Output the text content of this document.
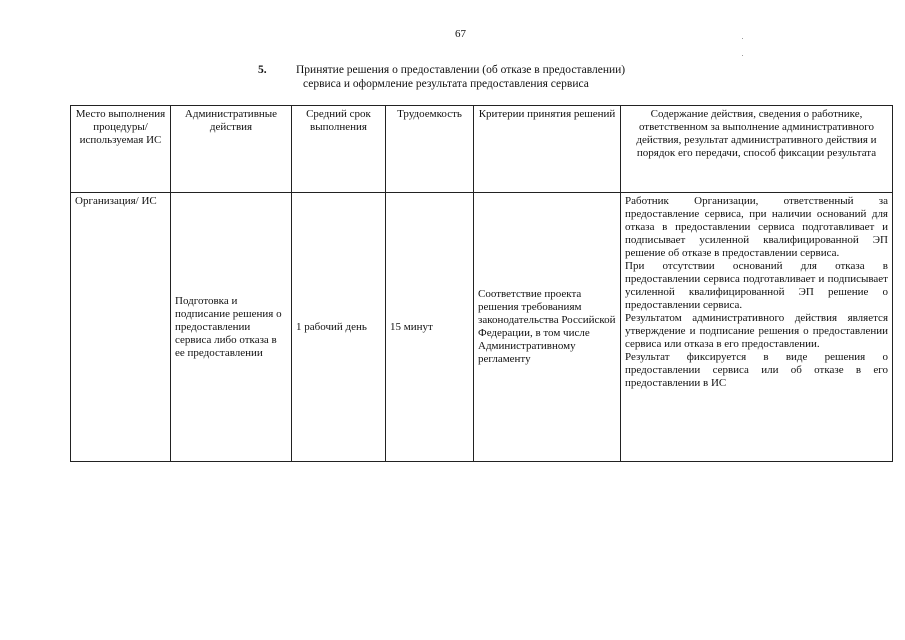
67
5.	Принятие решения о предоставлении (об отказе в предоставлении)
сервиса и оформление результата предоставления сервиса
Место выполнения процедуры/используемая ИС	Административные действия	Средний срок выполнения	Трудоемкость	Критерии принятия решений	Содержание действия, сведения о работнике, ответственном за выполнение административного действия, результат административного действия и порядок его передачи, способ фиксации результата
Организация/ ИС	Подготовка и подписание решения о предоставлении сервиса либо отказа в ее предоставлении	1 рабочий день	15 минут	Соответствие проекта решения требованиям законодательства Российской Федерации, в том числе Административному регламенту	Работник Организации, ответственный за предоставление сервиса, при наличии оснований для отказа в предоставлении сервиса подготавливает и подписывает усиленной квалифицированной ЭП решение об отказе в предоставлении сервиса.

При отсутствии оснований для отказа в предоставлении сервиса подготавливает и подписывает усиленной квалифицированной ЭП решение о предоставлении сервиса.

Результатом административного действия является утверждение и подписание решения о предоставлении сервиса или отказа в его предоставлении.

Результат фиксируется в виде решения о предоставлении сервиса или об отказе в его предоставлении в ИС
